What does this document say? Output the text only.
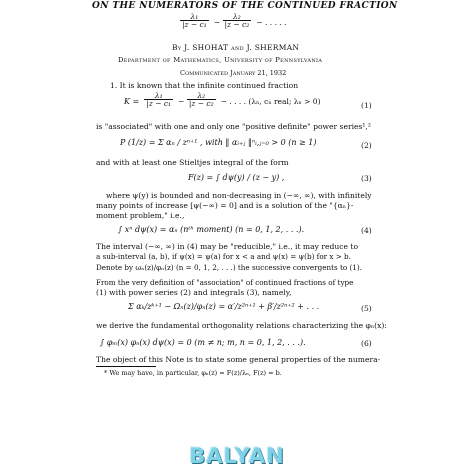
ON THE NUMERATORS OF THE CONTINUED FRACTION
$\frac{\text{λ₁}}{\text{|z − c₁}} - \frac{\text{λ₂}}{\text{|z − c₂}}$ − . . . . .
By J. SHOHAT and J. SHERMAN
Department of Mathematics, University of Pennsylvania
Communicated January 21, 1932
1. It is known that the infinite continued fraction
$K = \frac{\text{λ₁}}{\text{|z − c₁}} - \frac{\text{λ₂}}{\text{|z − c₂}}$ − . . . . (λₙ, cₙ real; λₙ > 0)	(1)
is "associated" with one and only one "positive definite" power series¹,²
P (1/z) = Σ αₙ / zⁿ⁺¹ , with ‖ αᵢ₊ⱼ ‖ⁿᵢ,ⱼ₌₀ > 0 (n ≥ 1)	(2)
and with at least one Stieltjes integral of the form
F(z) = ∫ dψ(y) / (z − y) ,	(3)
where ψ(y) is bounded and non-decreasing in (−∞, ∞), with infinitely
many points of increase [ψ(−∞) = 0] and is a solution of the "{αₙ}-
moment problem," i.e.,
∫ xⁿ dψ(x) = αₙ (nᵗʰ moment) (n = 0, 1, 2, . . .).	(4)
The interval (−∞, ∞) in (4) may be "reducible," i.e., it may reduce to
a sub-interval (a, b), if ψ(x) = ψ(a) for x < a and ψ(x) = ψ(b) for x > b.
Denote by ωₙ(z)/φₙ(z) (n = 0, 1, 2, . . .) the successive convergents to (1).
From the very definition of "association" of continued fractions of type
(1) with power series (2) and integrals (3), namely,
Σ αₖ/zᵏ⁺¹ − Ωₙ(z)/φₙ(z) = α′/z²ⁿ⁺¹ + β′/z²ⁿ⁺² + . . .	(5)
we derive the fundamental orthogonality relations characterizing the φₙ(x):
∫ φₘ(x) φₙ(x) dψ(x) = 0 (m ≠ n; m, n = 0, 1, 2, . . .).	(6)
The object of this Note is to state some general properties of the numera-
* We may have, in particular, φₙ(z) = F(z)/λₙ, F(z) = b.
BALYAN
